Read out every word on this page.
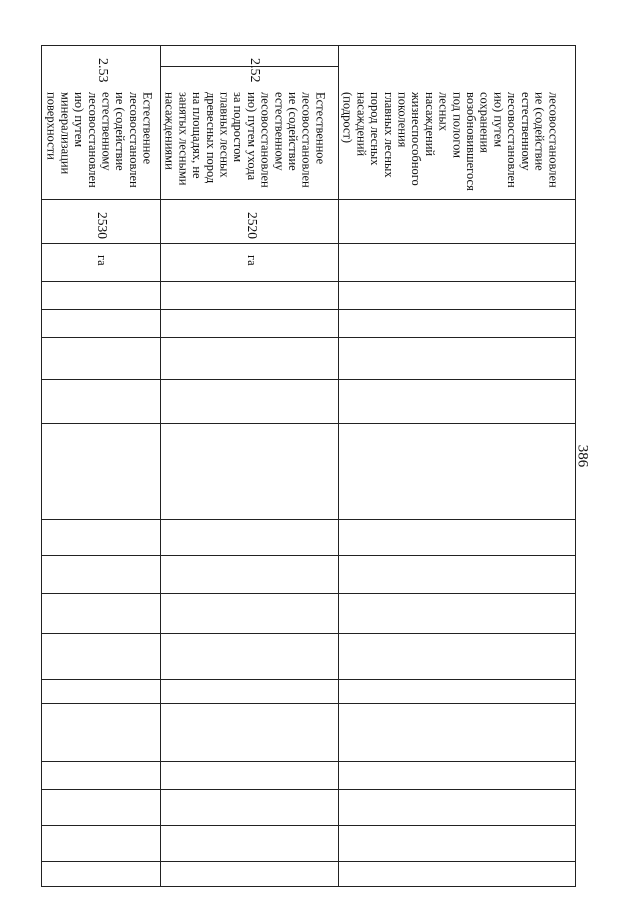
386
2.53
Естественное
лесовосстановлен
ие (содействие
естественному
лесовосстановлен
ию) путем
минерализации
поверхности
2530
га
2.52
Естественное
лесовосстановлен
ие (содействие
естественному
лесовосстановлен
ию) путем ухода
за подростом
главных лесных
древесных пород
на площадях, не
занятых лесными
насаждениями
2520
га
лесовосстановлен
ие (содействие
естественному
лесовосстановлен
ию) путем
сохранения
возобновившегося
под пологом
лесных
насаждений
жизнеспособного
поколения
главных лесных
пород лесных
насаждений
(подрост)
